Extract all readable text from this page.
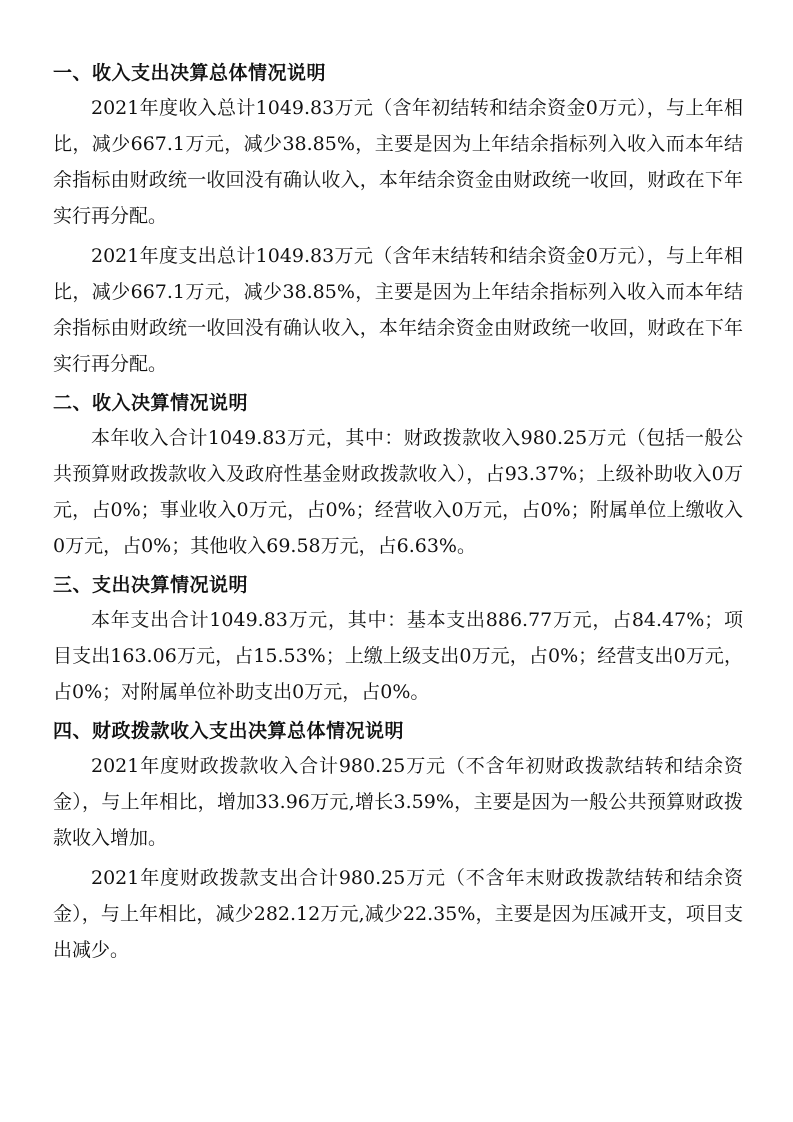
一、收入支出决算总体情况说明

2021年度收入总计1049.83万元（含年初结转和结余资金0万元），与上年相比，减少667.1万元，减少38.85%，主要是因为上年结余指标列入收入而本年结余指标由财政统一收回没有确认收入，本年结余资金由财政统一收回，财政在下年实行再分配。

2021年度支出总计1049.83万元（含年末结转和结余资金0万元），与上年相比，减少667.1万元，减少38.85%，主要是因为上年结余指标列入收入而本年结余指标由财政统一收回没有确认收入，本年结余资金由财政统一收回，财政在下年实行再分配。

二、收入决算情况说明

本年收入合计1049.83万元，其中：财政拨款收入980.25万元（包括一般公共预算财政拨款收入及政府性基金财政拨款收入），占93.37%；上级补助收入0万元，占0%；事业收入0万元，占0%；经营收入0万元，占0%；附属单位上缴收入0万元，占0%；其他收入69.58万元，占6.63%。

三、支出决算情况说明

本年支出合计1049.83万元，其中：基本支出886.77万元，占84.47%；项目支出163.06万元，占15.53%；上缴上级支出0万元，占0%；经营支出0万元，占0%；对附属单位补助支出0万元，占0%。

四、财政拨款收入支出决算总体情况说明

2021年度财政拨款收入合计980.25万元（不含年初财政拨款结转和结余资金），与上年相比，增加33.96万元,增长3.59%，主要是因为一般公共预算财政拨款收入增加。

2021年度财政拨款支出合计980.25万元（不含年末财政拨款结转和结余资金），与上年相比，减少282.12万元,减少22.35%，主要是因为压减开支，项目支出减少。
